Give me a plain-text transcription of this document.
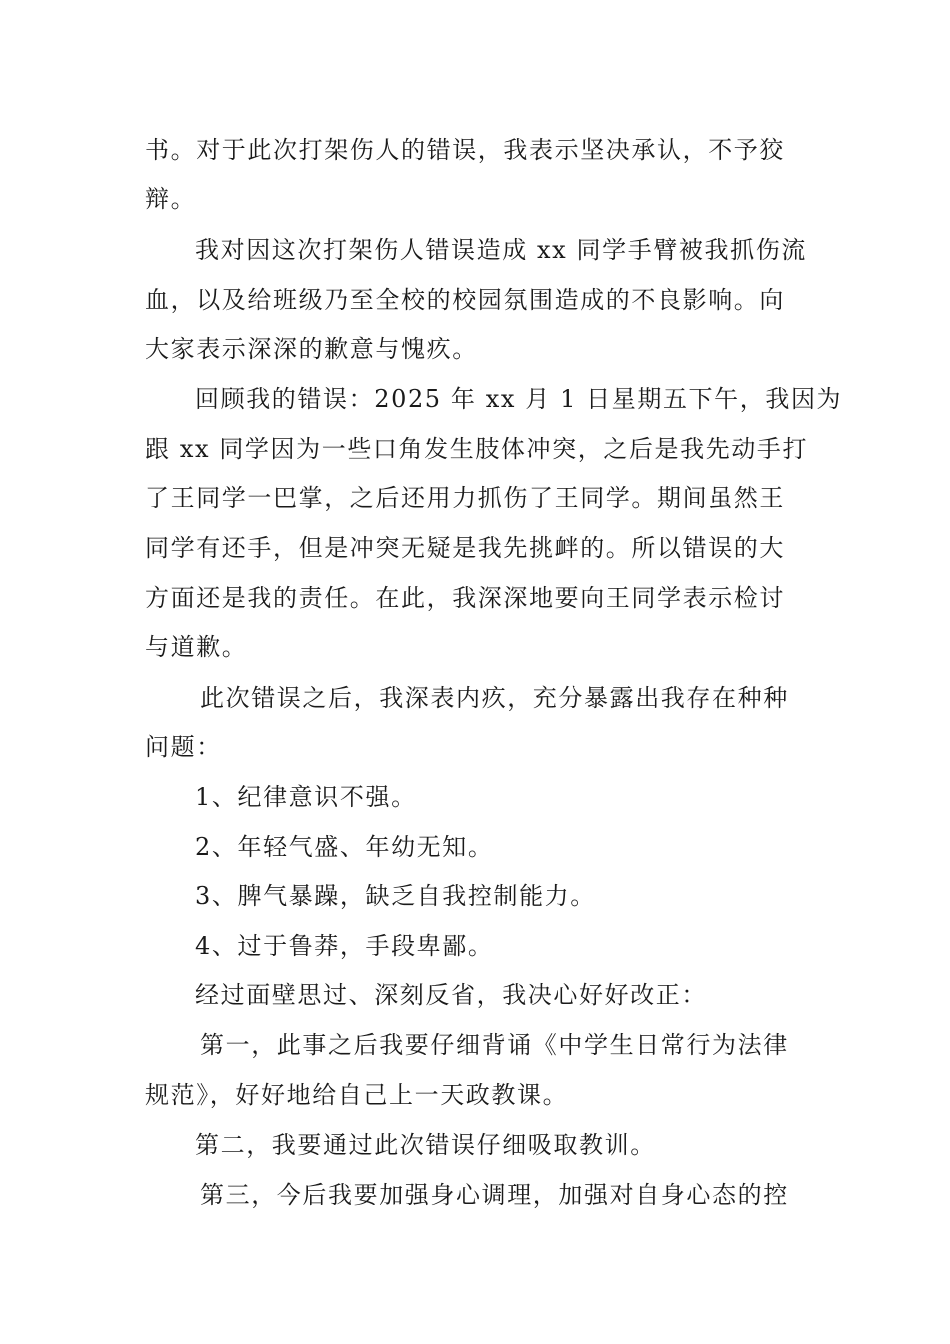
书。对于此次打架伤人的错误，我表示坚决承认，不予狡
辩。
我对因这次打架伤人错误造成 xx 同学手臂被我抓伤流
血，以及给班级乃至全校的校园氛围造成的不良影响。向
大家表示深深的歉意与愧疚。
回顾我的错误：2025 年 xx 月 1 日星期五下午，我因为
跟 xx 同学因为一些口角发生肢体冲突，之后是我先动手打
了王同学一巴掌，之后还用力抓伤了王同学。期间虽然王
同学有还手，但是冲突无疑是我先挑衅的。所以错误的大
方面还是我的责任。在此，我深深地要向王同学表示检讨
与道歉。
此次错误之后，我深表内疚，充分暴露出我存在种种
问题：
1、纪律意识不强。
2、年轻气盛、年幼无知。
3、脾气暴躁，缺乏自我控制能力。
4、过于鲁莽，手段卑鄙。
经过面壁思过、深刻反省，我决心好好改正：
第一，此事之后我要仔细背诵《中学生日常行为法律
规范》，好好地给自己上一天政教课。
第二，我要通过此次错误仔细吸取教训。
第三，今后我要加强身心调理，加强对自身心态的控
